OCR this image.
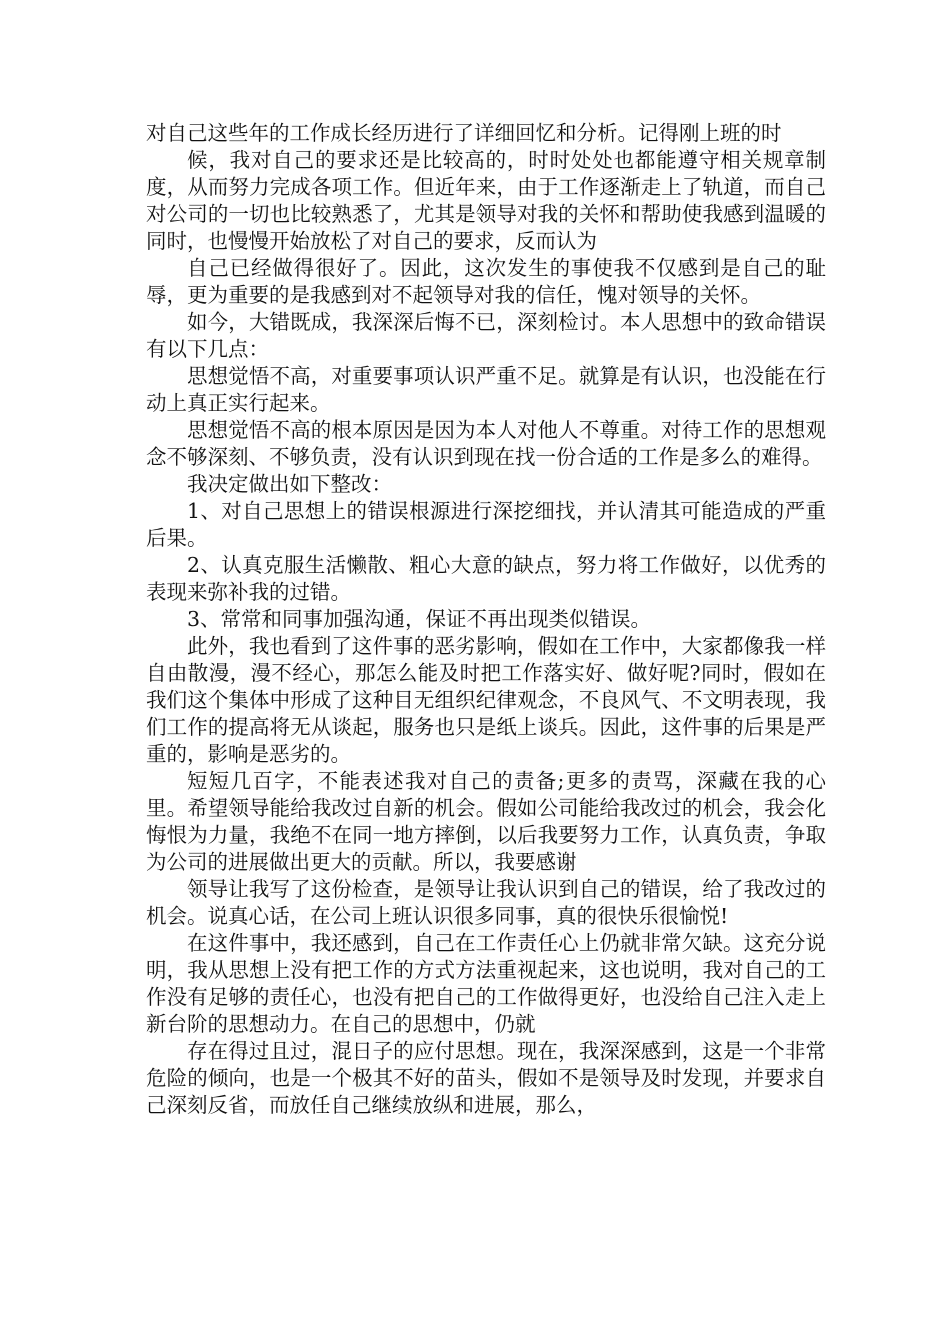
对自己这些年的工作成长经历进行了详细回忆和分析。记得刚上班的时

候，我对自己的要求还是比较高的，时时处处也都能遵守相关规章制度，从而努力完成各项工作。但近年来，由于工作逐渐走上了轨道，而自己对公司的一切也比较熟悉了，尤其是领导对我的关怀和帮助使我感到温暖的同时，也慢慢开始放松了对自己的要求，反而认为

自己已经做得很好了。因此，这次发生的事使我不仅感到是自己的耻辱，更为重要的是我感到对不起领导对我的信任，愧对领导的关怀。

如今，大错既成，我深深后悔不已，深刻检讨。本人思想中的致命错误有以下几点：

思想觉悟不高，对重要事项认识严重不足。就算是有认识，也没能在行动上真正实行起来。

思想觉悟不高的根本原因是因为本人对他人不尊重。对待工作的思想观念不够深刻、不够负责，没有认识到现在找一份合适的工作是多么的难得。

我决定做出如下整改：

1、对自己思想上的错误根源进行深挖细找，并认清其可能造成的严重后果。

2、认真克服生活懒散、粗心大意的缺点，努力将工作做好，以优秀的表现来弥补我的过错。

3、常常和同事加强沟通，保证不再出现类似错误。

此外，我也看到了这件事的恶劣影响，假如在工作中，大家都像我一样自由散漫，漫不经心，那怎么能及时把工作落实好、做好呢?同时，假如在我们这个集体中形成了这种目无组织纪律观念，不良风气、不文明表现，我们工作的提高将无从谈起，服务也只是纸上谈兵。因此，这件事的后果是严重的，影响是恶劣的。

短短几百字，不能表述我对自己的责备;更多的责骂，深藏在我的心里。希望领导能给我改过自新的机会。假如公司能给我改过的机会，我会化悔恨为力量，我绝不在同一地方摔倒，以后我要努力工作，认真负责，争取为公司的进展做出更大的贡献。所以，我要感谢

领导让我写了这份检查，是领导让我认识到自己的错误，给了我改过的机会。说真心话，在公司上班认识很多同事，真的很快乐很愉悦!

在这件事中，我还感到，自己在工作责任心上仍就非常欠缺。这充分说明，我从思想上没有把工作的方式方法重视起来，这也说明，我对自己的工作没有足够的责任心，也没有把自己的工作做得更好，也没给自己注入走上新台阶的思想动力。在自己的思想中，仍就

存在得过且过，混日子的应付思想。现在，我深深感到，这是一个非常危险的倾向，也是一个极其不好的苗头，假如不是领导及时发现，并要求自己深刻反省，而放任自己继续放纵和进展，那么，
